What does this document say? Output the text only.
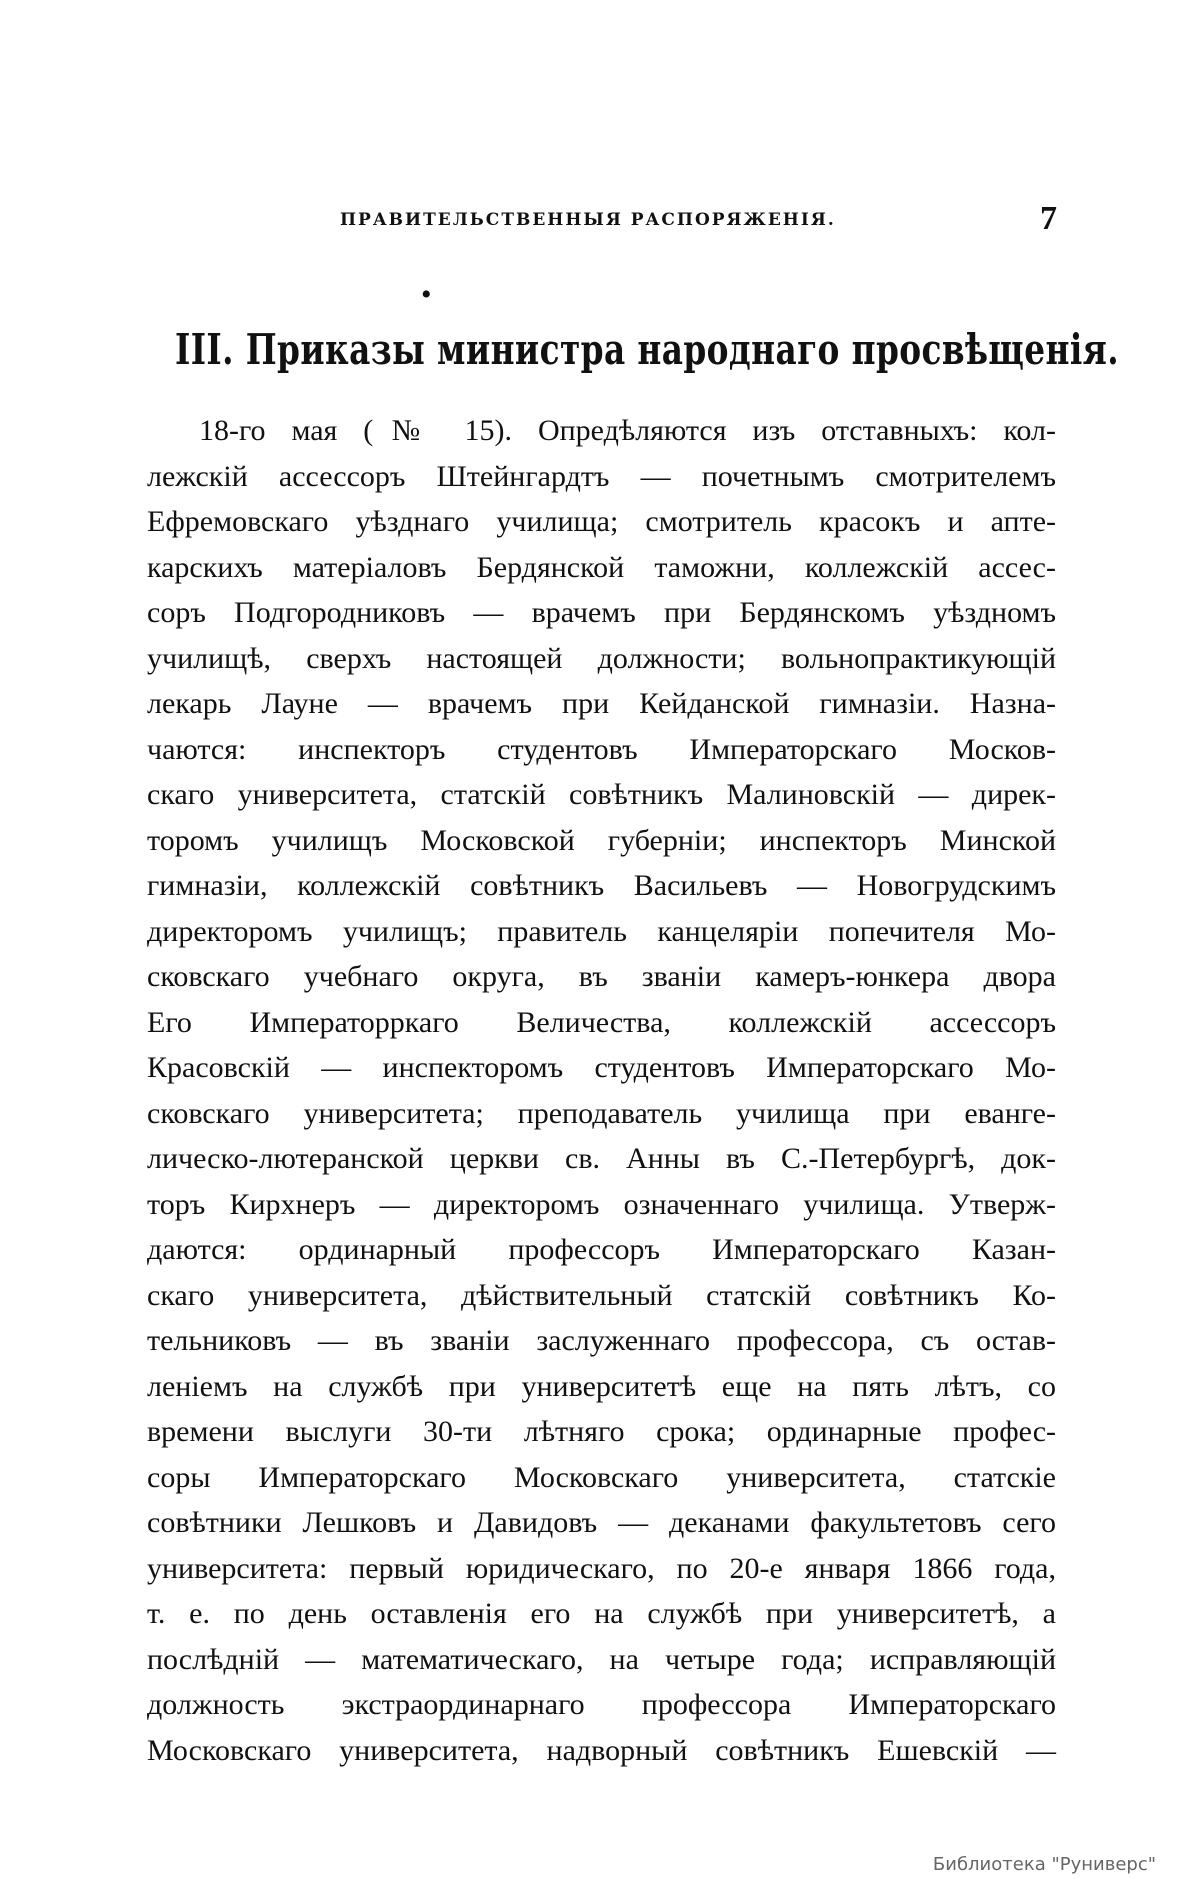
ПРАВИТЕЛЬСТВЕННЫЯ РАСПОРЯЖЕНІЯ.	7
•
III. Приказы министра народнаго просвѣщенія.
18-го мая (№ 15). Опредѣляются изъ отставныхъ: кол-
лежскій ассессоръ Штейнгардтъ — почетнымъ смотрителемъ
Ефремовскаго уѣзднаго училища; смотритель красокъ и апте-
карскихъ матеріаловъ Бердянской таможни, коллежскій ассес-
соръ Подгородниковъ — врачемъ при Бердянскомъ уѣздномъ
училищѣ, сверхъ настоящей должности; вольнопрактикующій
лекарь Лауне — врачемъ при Кейданской гимназіи. Назна-
чаются: инспекторъ студентовъ Императорскаго Москов-
скаго университета, статскій совѣтникъ Малиновскій — дирек-
торомъ училищъ Московской губерніи; инспекторъ Минской
гимназіи, коллежскій совѣтникъ Васильевъ — Новогрудскимъ
директоромъ училищъ; правитель канцеляріи попечителя Мо-
сковскаго учебнаго округа, въ званіи камеръ-юнкера двора
Его Императорркаго Величества, коллежскій ассессоръ
Красовскій — инспекторомъ студентовъ Императорскаго Мо-
сковскаго университета; преподаватель училища при еванге-
лическо-лютеранской церкви св. Анны въ С.-Петербургѣ, док-
торъ Кирхнеръ — директоромъ означеннаго училища. Утверж-
даются: ординарный профессоръ Императорскаго Казан-
скаго университета, дѣйствительный статскій совѣтникъ Ко-
тельниковъ — въ званіи заслуженнаго профессора, съ остав-
леніемъ на службѣ при университетѣ еще на пять лѣтъ, со
времени выслуги 30-ти лѣтняго срока; ординарные профес-
соры Императорскаго Московскаго университета, статскіе
совѣтники Лешковъ и Давидовъ — деканами факультетовъ сего
университета: первый юридическаго, по 20-е января 1866 года,
т. е. по день оставленія его на службѣ при университетѣ, а
послѣдній — математическаго, на четыре года; исправляющій
должность экстраординарнаго профессора Императорскаго
Московскаго университета, надворный совѣтникъ Ешевскій —
Библиотека "Руниверс"
